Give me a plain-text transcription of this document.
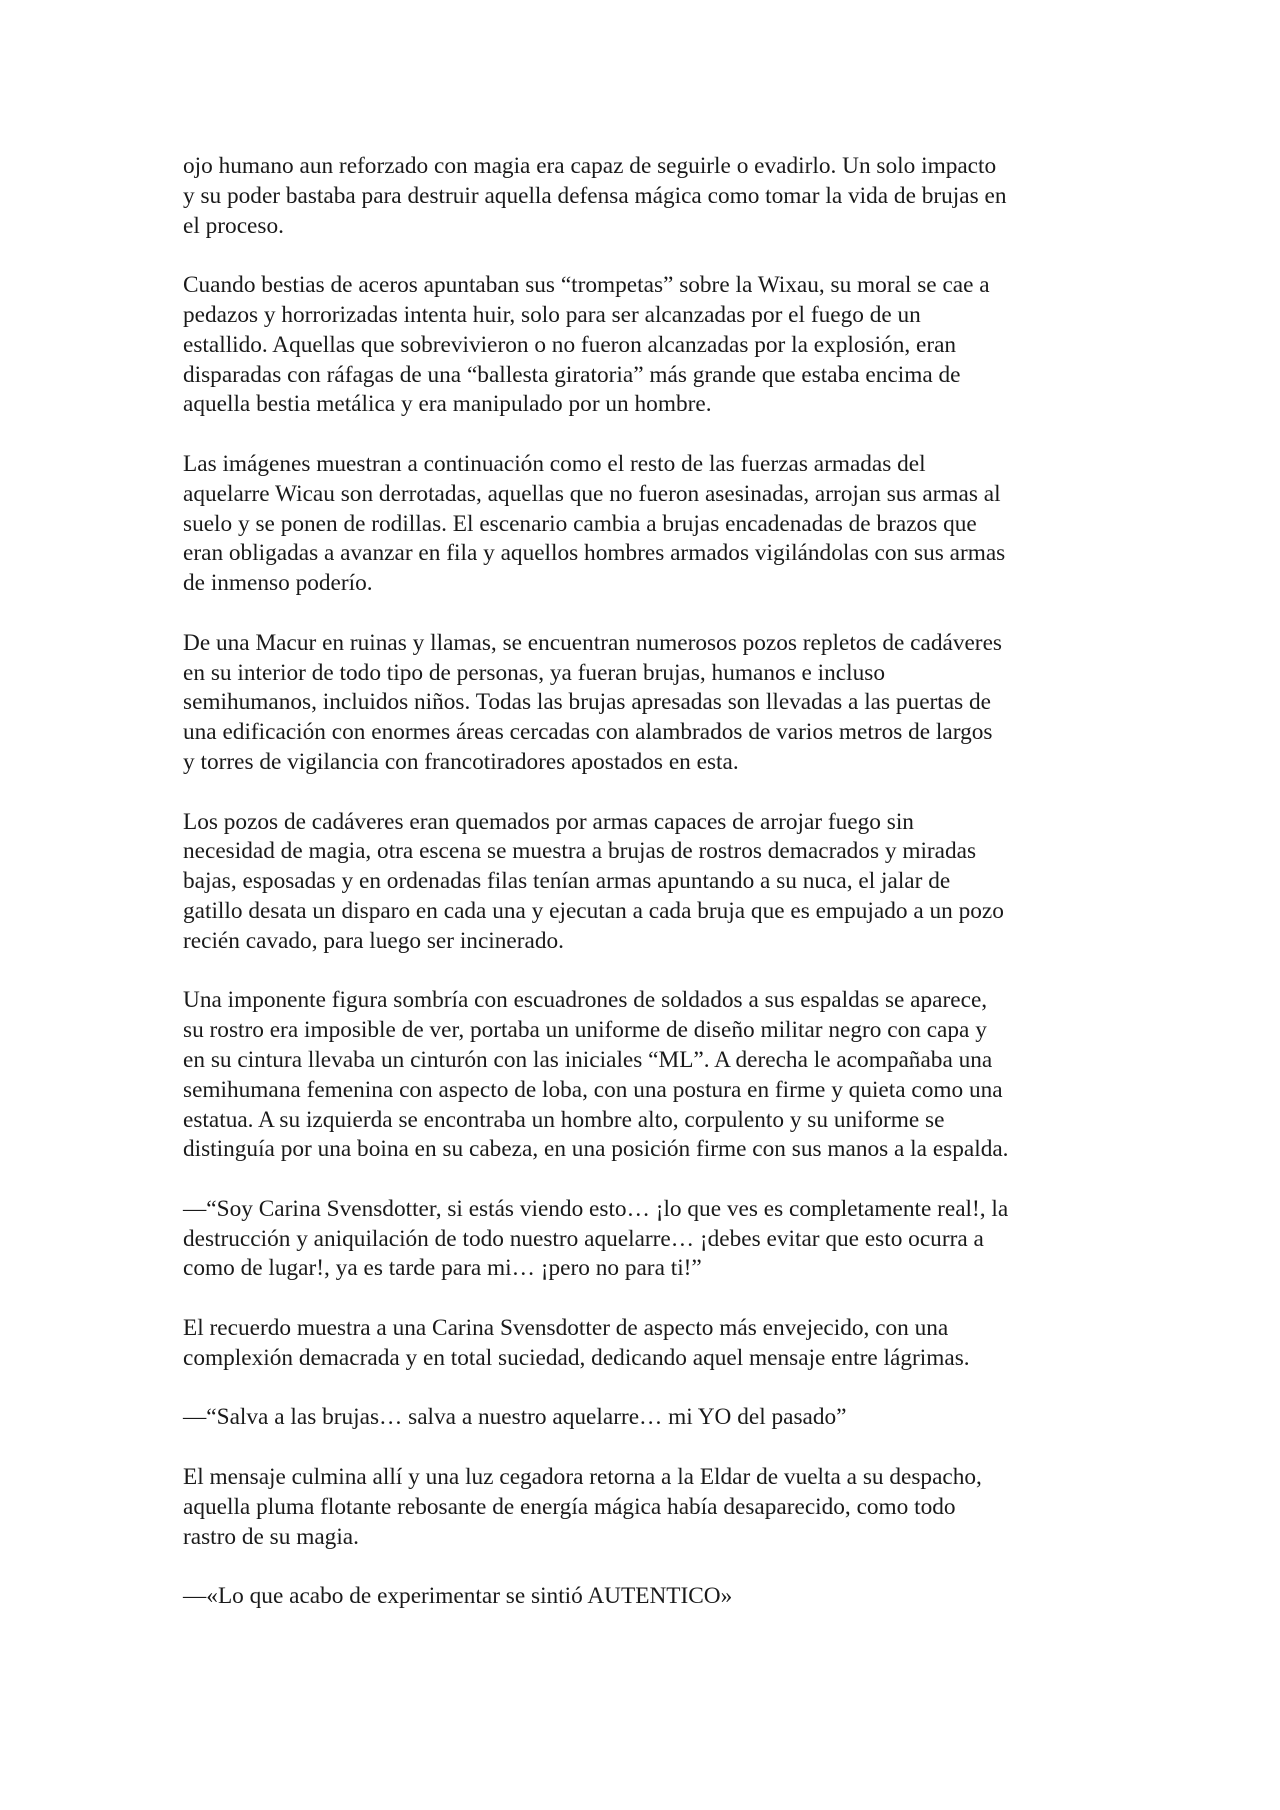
ojo humano aun reforzado con magia era capaz de seguirle o evadirlo. Un solo impacto
y su poder bastaba para destruir aquella defensa mágica como tomar la vida de brujas en
el proceso.

Cuando bestias de aceros apuntaban sus “trompetas” sobre la Wixau, su moral se cae a
pedazos y horrorizadas intenta huir, solo para ser alcanzadas por el fuego de un
estallido. Aquellas que sobrevivieron o no fueron alcanzadas por la explosión, eran
disparadas con ráfagas de una “ballesta giratoria” más grande que estaba encima de
aquella bestia metálica y era manipulado por un hombre.

Las imágenes muestran a continuación como el resto de las fuerzas armadas del
aquelarre Wicau son derrotadas, aquellas que no fueron asesinadas, arrojan sus armas al
suelo y se ponen de rodillas. El escenario cambia a brujas encadenadas de brazos que
eran obligadas a avanzar en fila y aquellos hombres armados vigilándolas con sus armas
de inmenso poderío.

De una Macur en ruinas y llamas, se encuentran numerosos pozos repletos de cadáveres
en su interior de todo tipo de personas, ya fueran brujas, humanos e incluso
semihumanos, incluidos niños. Todas las brujas apresadas son llevadas a las puertas de
una edificación con enormes áreas cercadas con alambrados de varios metros de largos
y torres de vigilancia con francotiradores apostados en esta.

Los pozos de cadáveres eran quemados por armas capaces de arrojar fuego sin
necesidad de magia, otra escena se muestra a brujas de rostros demacrados y miradas
bajas, esposadas y en ordenadas filas tenían armas apuntando a su nuca, el jalar de
gatillo desata un disparo en cada una y ejecutan a cada bruja que es empujado a un pozo
recién cavado, para luego ser incinerado.

Una imponente figura sombría con escuadrones de soldados a sus espaldas se aparece,
su rostro era imposible de ver, portaba un uniforme de diseño militar negro con capa y
en su cintura llevaba un cinturón con las iniciales “ML”. A derecha le acompañaba una
semihumana femenina con aspecto de loba, con una postura en firme y quieta como una
estatua. A su izquierda se encontraba un hombre alto, corpulento y su uniforme se
distinguía por una boina en su cabeza, en una posición firme con sus manos a la espalda.

—“Soy Carina Svensdotter, si estás viendo esto… ¡lo que ves es completamente real!, la
destrucción y aniquilación de todo nuestro aquelarre… ¡debes evitar que esto ocurra a
como de lugar!, ya es tarde para mi… ¡pero no para ti!”

El recuerdo muestra a una Carina Svensdotter de aspecto más envejecido, con una
complexión demacrada y en total suciedad, dedicando aquel mensaje entre lágrimas.

—“Salva a las brujas… salva a nuestro aquelarre… mi YO del pasado”

El mensaje culmina allí y una luz cegadora retorna a la Eldar de vuelta a su despacho,
aquella pluma flotante rebosante de energía mágica había desaparecido, como todo
rastro de su magia.

—«Lo que acabo de experimentar se sintió AUTENTICO»
